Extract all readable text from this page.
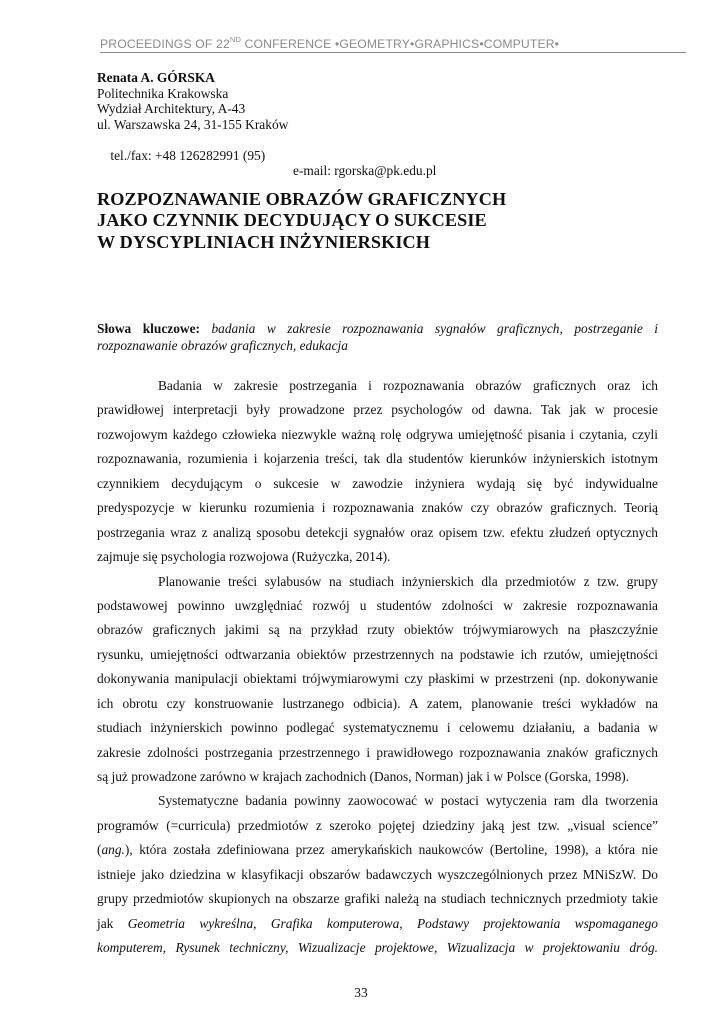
PROCEEDINGS OF 22ND CONFERENCE •GEOMETRY•GRAPHICS•COMPUTER•
Renata A. GÓRSKA
Politechnika Krakowska
Wydział Architektury, A-43
ul. Warszawska 24, 31-155 Kraków

tel./fax: +48 126282991 (95)

e-mail: rgorska@pk.edu.pl

ROZPOZNAWANIE OBRAZÓW GRAFICZNYCH
JAKO CZYNNIK DECYDUJĄCY O SUKCESIE
W DYSCYPLINIACH INŻYNIERSKICH
Słowa kluczowe: badania w zakresie rozpoznawania sygnałów graficznych, postrzeganie i rozpoznawanie obrazów graficznych, edukacja
Badania w zakresie postrzegania i rozpoznawania obrazów graficznych oraz ich
prawidłowej interpretacji były prowadzone przez psychologów od dawna. Tak jak w procesie
rozwojowym każdego człowieka niezwykle ważną rolę odgrywa umiejętność pisania i czytania, czyli
rozpoznawania, rozumienia i kojarzenia treści, tak dla studentów kierunków inżynierskich istotnym
czynnikiem decydującym o sukcesie w zawodzie inżyniera wydają się być indywidualne
predyspozycje w kierunku rozumienia i rozpoznawania znaków czy obrazów graficznych. Teorią
postrzegania wraz z analizą sposobu detekcji sygnałów oraz opisem tzw. efektu złudzeń optycznych
zajmuje się psychologia rozwojowa (Rużyczka, 2014).
Planowanie treści sylabusów na studiach inżynierskich dla przedmiotów z tzw. grupy
podstawowej powinno uwzględniać rozwój u studentów zdolności w zakresie rozpoznawania
obrazów graficznych jakimi są na przykład rzuty obiektów trójwymiarowych na płaszczyźnie
rysunku, umiejętności odtwarzania obiektów przestrzennych na podstawie ich rzutów, umiejętności
dokonywania manipulacji obiektami trójwymiarowymi czy płaskimi w przestrzeni (np. dokonywanie
ich obrotu czy konstruowanie lustrzanego odbicia). A zatem, planowanie treści wykładów na
studiach inżynierskich powinno podlegać systematycznemu i celowemu działaniu, a badania w
zakresie zdolności postrzegania przestrzennego i prawidłowego rozpoznawania znaków graficznych
są już prowadzone zarówno w krajach zachodnich (Danos, Norman) jak i w Polsce (Gorska, 1998).
Systematyczne badania powinny zaowocować w postaci wytyczenia ram dla tworzenia
programów (=curricula) przedmiotów z szeroko pojętej dziedziny jaką jest tzw. „visual science”
(ang.), która została zdefiniowana przez amerykańskich naukowców (Bertoline, 1998), a która nie
istnieje jako dziedzina w klasyfikacji obszarów badawczych wyszczególnionych przez MNiSzW. Do
grupy przedmiotów skupionych na obszarze grafiki należą na studiach technicznych przedmioty takie
jak Geometria wykreślna, Grafika komputerowa, Podstawy projektowania wspomaganego
komputerem, Rysunek techniczny, Wizualizacje projektowe, Wizualizacja w projektowaniu dróg.
33
